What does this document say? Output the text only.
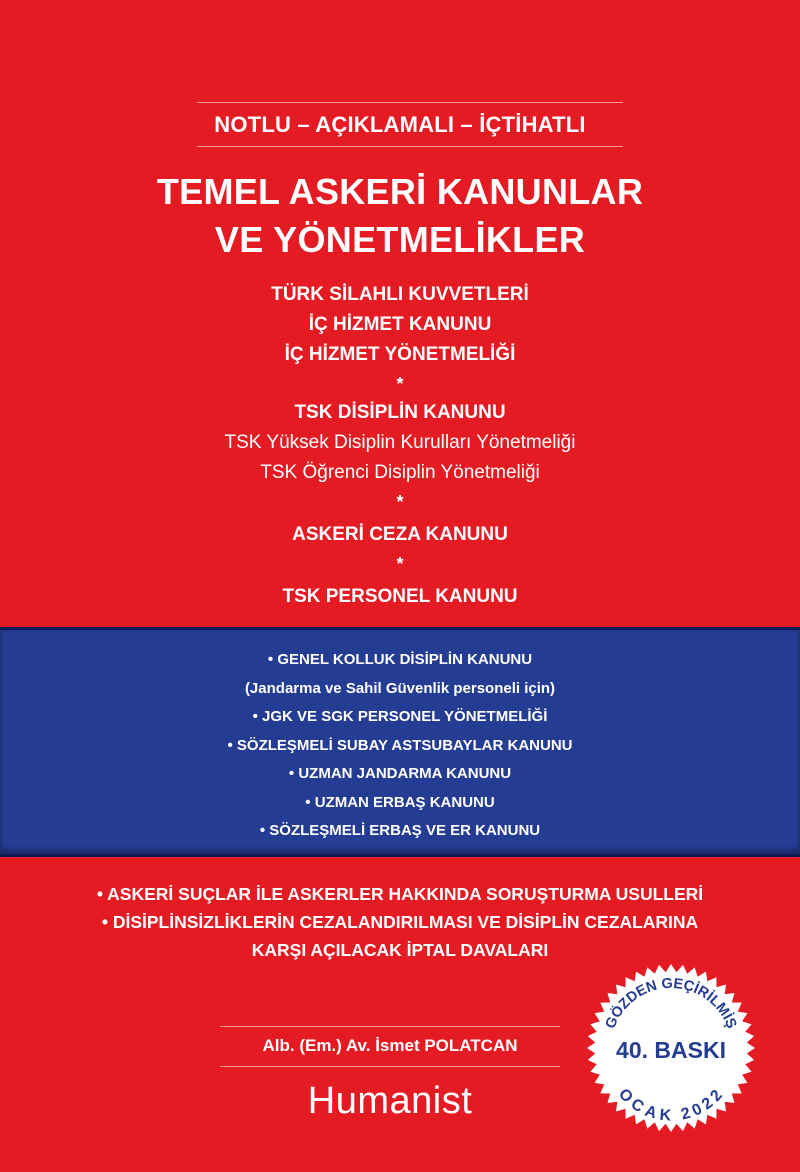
NOTLU – AÇIKLAMALI – İÇTİHATLI

TEMEL ASKERİ KANUNLAR
VE YÖNETMELİKLER
TÜRK SİLAHLI KUVVETLERİ
İÇ HİZMET KANUNU
İÇ HİZMET YÖNETMELİĞİ
*
TSK DİSİPLİN KANUNU
TSK Yüksek Disiplin Kurulları Yönetmeliği
TSK Öğrenci Disiplin Yönetmeliği
*
ASKERİ CEZA KANUNU
*
TSK PERSONEL KANUNU
• GENEL KOLLUK DİSİPLİN KANUNU
(Jandarma ve Sahil Güvenlik personeli için)
• JGK VE SGK PERSONEL YÖNETMELİĞİ
• SÖZLEŞMELİ SUBAY ASTSUBAYLAR KANUNU
• UZMAN JANDARMA KANUNU
• UZMAN ERBAŞ KANUNU
• SÖZLEŞMELİ ERBAŞ VE ER KANUNU
• ASKERİ SUÇLAR İLE ASKERLER HAKKINDA SORUŞTURMA USULLERİ
• DİSİPLİNSİZLİKLERİN CEZALANDIRILMASI VE DİSİPLİN CEZALARINA
KARŞI AÇILACAK İPTAL DAVALARI
Alb. (Em.) Av. İsmet POLATCAN
Humanist
GÖZDEN GEÇİRİLMİŞ
40. BASKI
OCAK 2022
